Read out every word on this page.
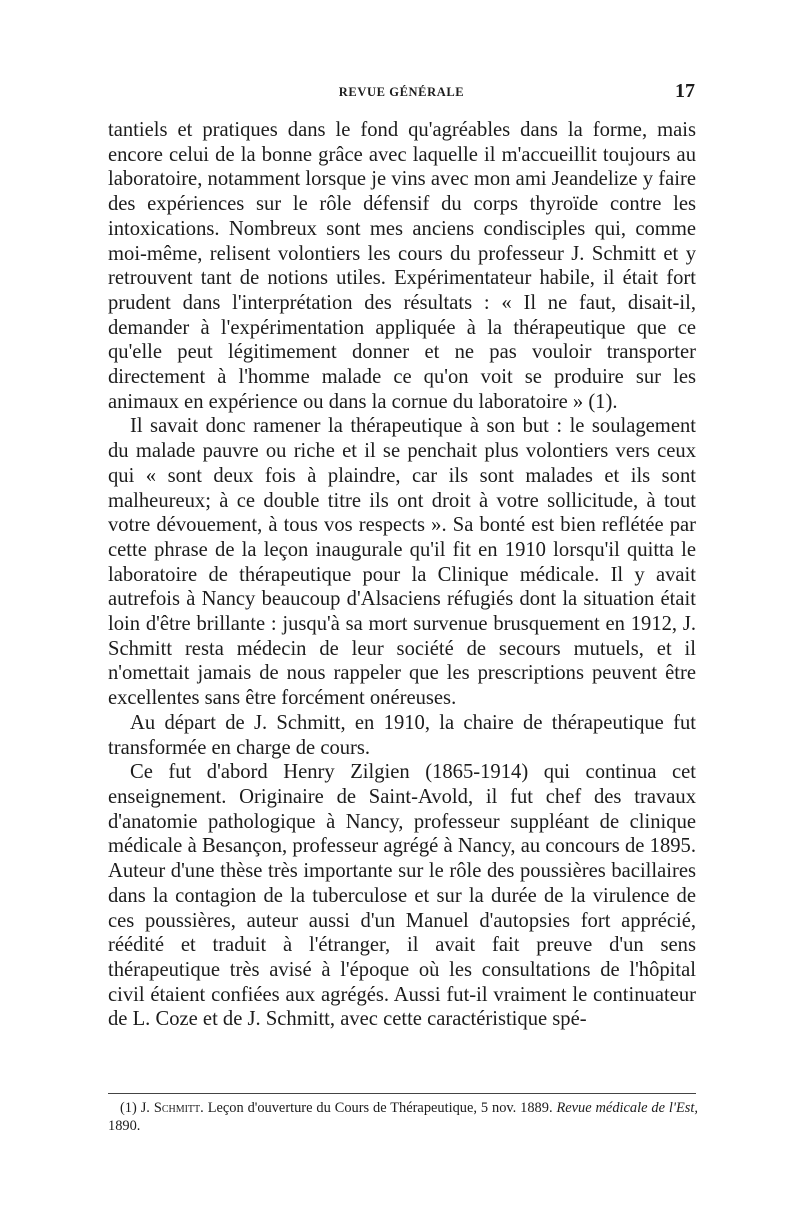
REVUE GÉNÉRALE	17

tantiels et pratiques dans le fond qu'agréables dans la forme, mais encore celui de la bonne grâce avec laquelle il m'accueillit toujours au laboratoire, notamment lorsque je vins avec mon ami Jeandelize y faire des expériences sur le rôle défensif du corps thyroïde contre les intoxications. Nombreux sont mes anciens condisciples qui, comme moi-même, relisent volontiers les cours du professeur J. Schmitt et y retrouvent tant de notions utiles. Expérimentateur habile, il était fort prudent dans l'interprétation des résultats : « Il ne faut, disait-il, demander à l'expérimentation appliquée à la thérapeutique que ce qu'elle peut légitimement donner et ne pas vouloir transporter directement à l'homme malade ce qu'on voit se produire sur les animaux en expérience ou dans la cornue du laboratoire » (1).

Il savait donc ramener la thérapeutique à son but : le soulagement du malade pauvre ou riche et il se penchait plus volontiers vers ceux qui « sont deux fois à plaindre, car ils sont malades et ils sont malheureux; à ce double titre ils ont droit à votre sollicitude, à tout votre dévouement, à tous vos respects ». Sa bonté est bien reflétée par cette phrase de la leçon inaugurale qu'il fit en 1910 lorsqu'il quitta le laboratoire de thérapeutique pour la Clinique médicale. Il y avait autrefois à Nancy beaucoup d'Alsaciens réfugiés dont la situation était loin d'être brillante : jusqu'à sa mort survenue brusquement en 1912, J. Schmitt resta médecin de leur société de secours mutuels, et il n'omettait jamais de nous rappeler que les prescriptions peuvent être excellentes sans être forcément onéreuses.

Au départ de J. Schmitt, en 1910, la chaire de thérapeutique fut transformée en charge de cours.

Ce fut d'abord Henry Zilgien (1865-1914) qui continua cet enseignement. Originaire de Saint-Avold, il fut chef des travaux d'anatomie pathologique à Nancy, professeur suppléant de clinique médicale à Besançon, professeur agrégé à Nancy, au concours de 1895. Auteur d'une thèse très importante sur le rôle des poussières bacillaires dans la contagion de la tuberculose et sur la durée de la virulence de ces poussières, auteur aussi d'un Manuel d'autopsies fort apprécié, réédité et traduit à l'étranger, il avait fait preuve d'un sens thérapeutique très avisé à l'époque où les consultations de l'hôpital civil étaient confiées aux agrégés. Aussi fut-il vraiment le continuateur de L. Coze et de J. Schmitt, avec cette caractéristique spé-

(1) J. Schmitt. Leçon d'ouverture du Cours de Thérapeutique, 5 nov. 1889. Revue médicale de l'Est, 1890.
